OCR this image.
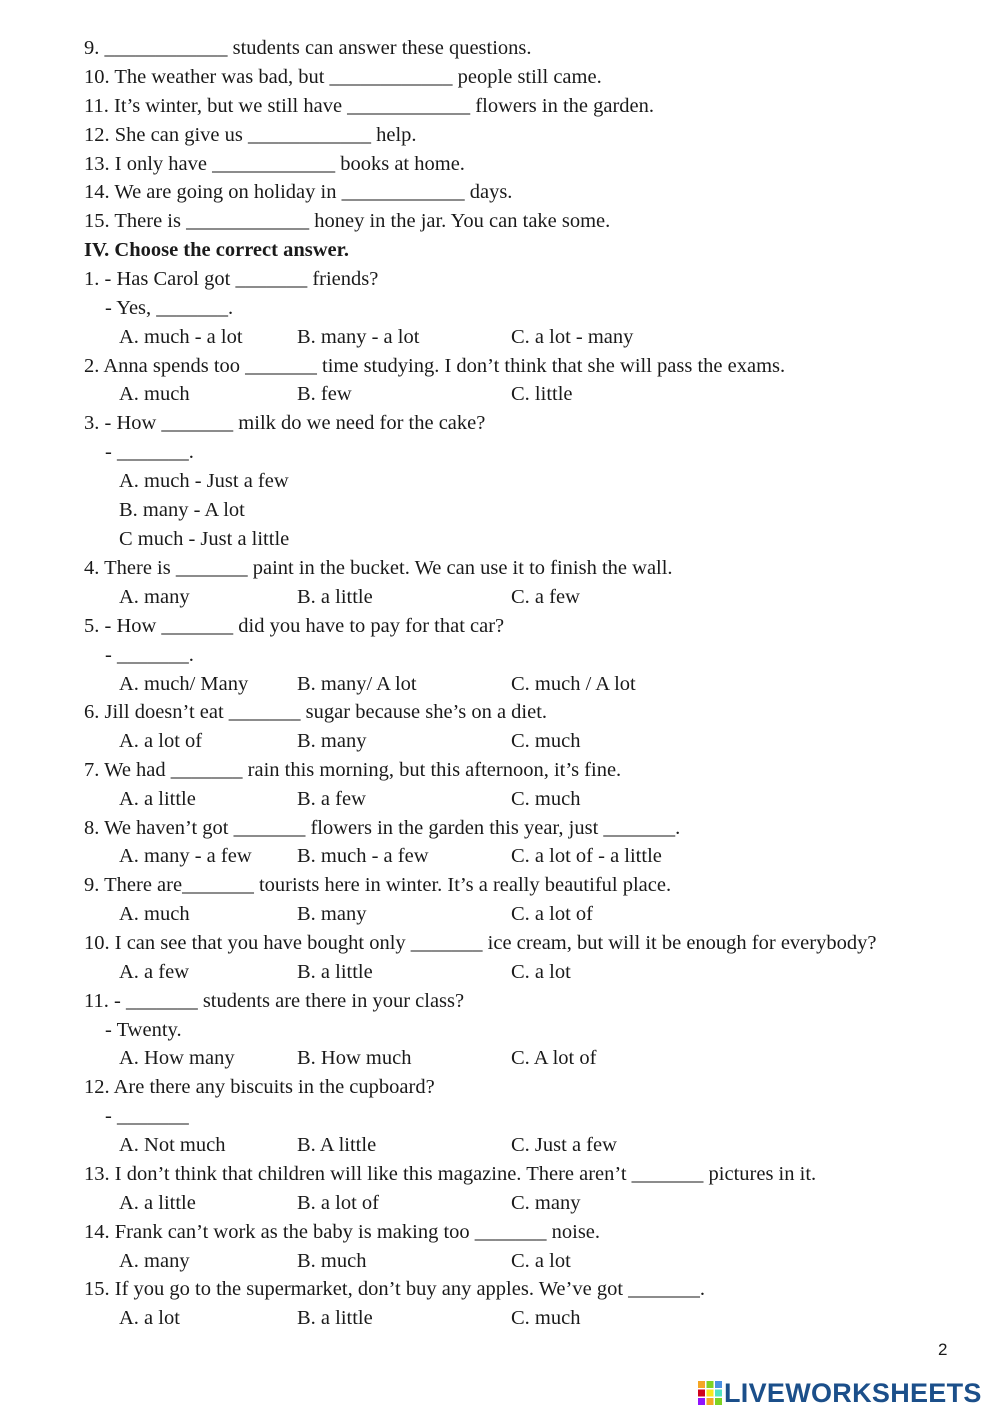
9. ____________ students can answer these questions.
10. The weather was bad, but ____________ people still came.
11. It’s winter, but we still have ____________ flowers in the garden.
12. She can give us ____________ help.
13. I only have ____________ books at home.
14. We are going on holiday in ____________ days.
15. There is ____________ honey in the jar. You can take some.
IV. Choose the correct answer.
1. - Has Carol got _______ friends?
- Yes, _______.
A. much - a lot	B. many - a lot	C. a lot - many
2. Anna spends too _______ time studying. I don’t think that she will pass the exams.
A. much	B. few	C. little
3. - How _______ milk do we need for the cake?
- _______.
A. much - Just a few
B. many - A lot
C much - Just a little
4. There is _______ paint in the bucket. We can use it to finish the wall.
A. many	B. a little	C. a few
5. - How _______ did you have to pay for that car?
- _______.
A. much/ Many B. many/ A lot	C. much / A lot
6. Jill doesn’t eat _______ sugar because she’s on a diet.
A. a lot of	B. many	C. much
7. We had _______ rain this morning, but this afternoon, it’s fine.
A. a little	B. a few	C. much
8. We haven’t got _______ flowers in the garden this year, just _______.
A. many - a few B. much - a few	C. a lot of - a little
9. There are_______ tourists here in winter. It’s a really beautiful place.
A. much	B. many	C. a lot of
10. I can see that you have bought only _______ ice cream, but will it be enough for everybody?
A. a few	B. a little	C. a lot
11. - _______ students are there in your class?
- Twenty.
A. How many	B. How much	C. A lot of
12. Are there any biscuits in the cupboard?
- _______
A. Not much	B. A little	C. Just a few
13. I don’t think that children will like this magazine. There aren’t _______ pictures in it.
A. a little	B. a lot of	C. many
14. Frank can’t work as the baby is making too _______ noise.
A. many	B. much	C. a lot
15. If you go to the supermarket, don’t buy any apples. We’ve got _______.
A. a lot	B. a little	C. much
2
LIVEWORKSHEETS
